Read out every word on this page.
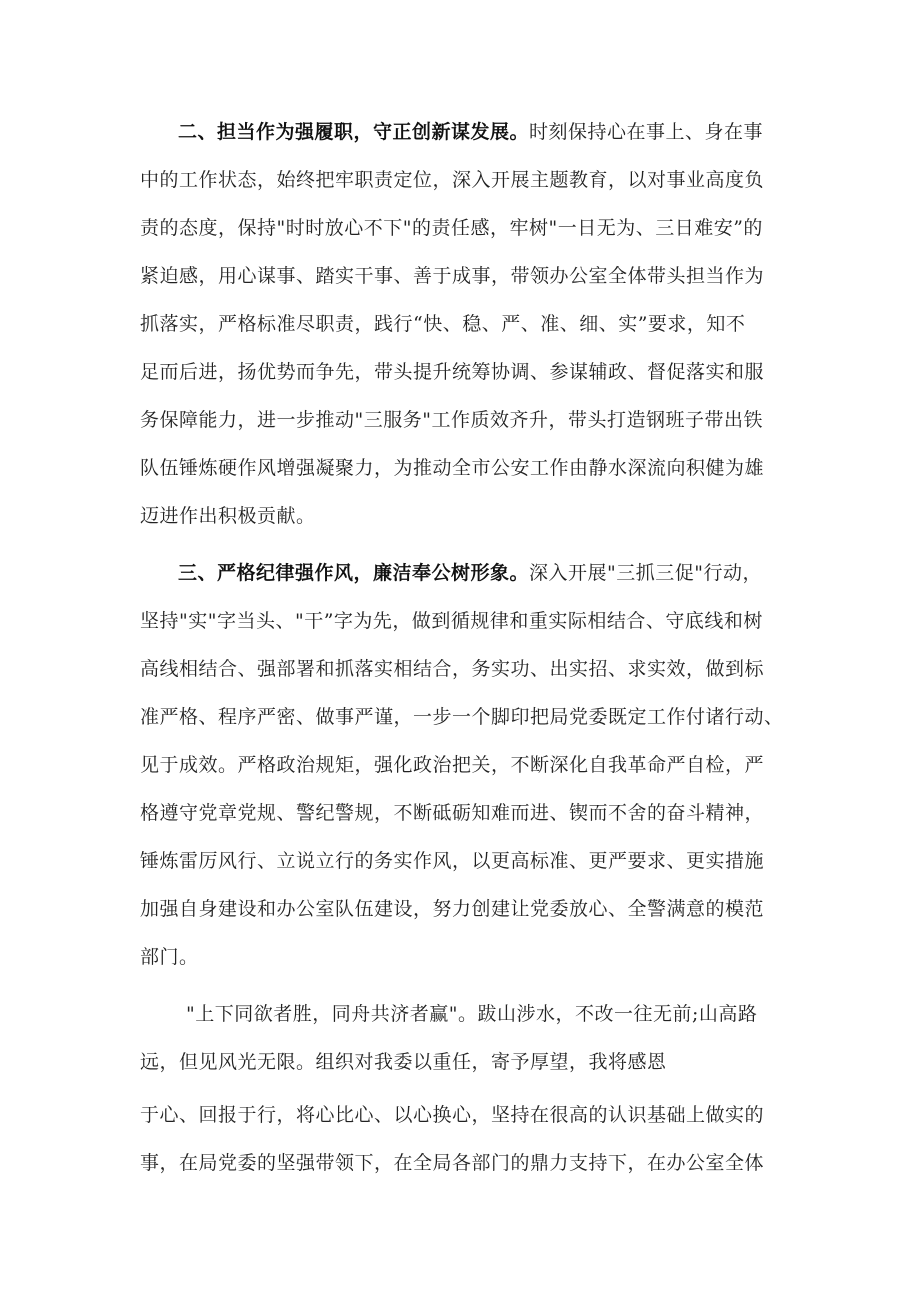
二、担当作为强履职，守正创新谋发展。时刻保持心在事上、身在事
中的工作状态，始终把牢职责定位，深入开展主题教育，以对事业高度负
责的态度，保持"时时放心不下"的责任感，牢树"一日无为、三日难安”的
紧迫感，用心谋事、踏实干事、善于成事，带领办公室全体带头担当作为
抓落实，严格标准尽职责，践行“快、稳、严、准、细、实”要求，知不
足而后进，扬优势而争先，带头提升统筹协调、参谋辅政、督促落实和服
务保障能力，进一步推动"三服务"工作质效齐升，带头打造钢班子带出铁
队伍锤炼硬作风增强凝聚力，为推动全市公安工作由静水深流向积健为雄
迈进作出积极贡献。
三、严格纪律强作风，廉洁奉公树形象。深入开展"三抓三促"行动，
坚持"实"字当头、"干”字为先，做到循规律和重实际相结合、守底线和树
高线相结合、强部署和抓落实相结合，务实功、出实招、求实效，做到标
准严格、程序严密、做事严谨，一步一个脚印把局党委既定工作付诸行动、
见于成效。严格政治规矩，强化政治把关，不断深化自我革命严自检，严
格遵守党章党规、警纪警规，不断砥砺知难而进、锲而不舍的奋斗精神，
锤炼雷厉风行、立说立行的务实作风，以更高标准、更严要求、更实措施
加强自身建设和办公室队伍建设，努力创建让党委放心、全警满意的模范
部门。
"上下同欲者胜，同舟共济者赢"。跋山涉水，不改一往无前;山高路
远，但见风光无限。组织对我委以重任，寄予厚望，我将感恩
于心、回报于行，将心比心、以心换心，坚持在很高的认识基础上做实的
事，在局党委的坚强带领下，在全局各部门的鼎力支持下，在办公室全体
